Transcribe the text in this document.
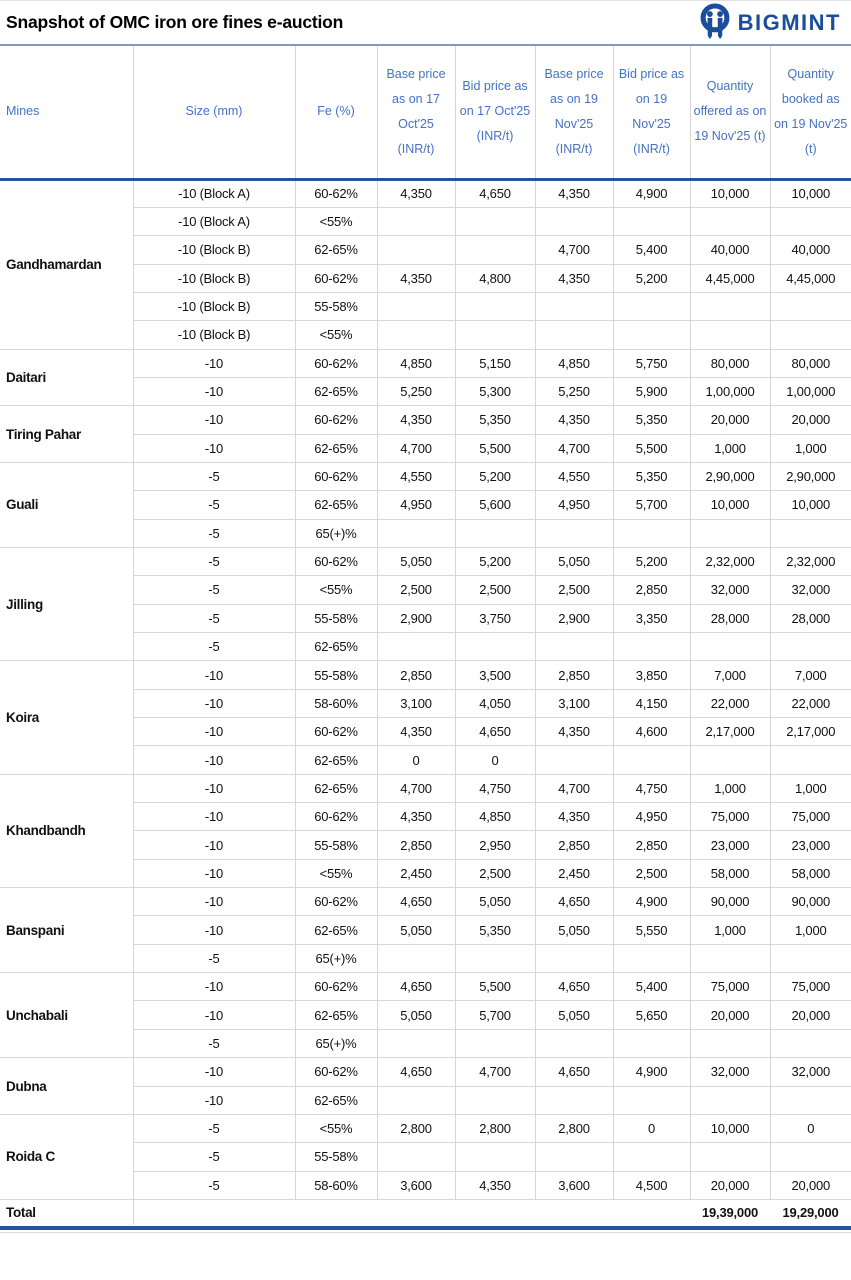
Snapshot of OMC iron ore fines e-auction	BIGMINT
Mines	Size (mm)	Fe (%)	Base price as on 17 Oct'25 (INR/t)	Bid price as on 17 Oct'25 (INR/t)	Base price as on 19 Nov'25 (INR/t)	Bid price as on 19 Nov'25 (INR/t)	Quantity offered as on 19 Nov'25 (t)	Quantity booked as on 19 Nov'25 (t)
Gandhamardan	-10 (Block A)	60-62%	4,350	4,650	4,350	4,900	10,000	10,000
	-10 (Block A)	<55%						
	-10 (Block B)	62-65%			4,700	5,400	40,000	40,000
	-10 (Block B)	60-62%	4,350	4,800	4,350	5,200	4,45,000	4,45,000
	-10 (Block B)	55-58%						
	-10 (Block B)	<55%						
Daitari	-10	60-62%	4,850	5,150	4,850	5,750	80,000	80,000
	-10	62-65%	5,250	5,300	5,250	5,900	1,00,000	1,00,000
Tiring Pahar	-10	60-62%	4,350	5,350	4,350	5,350	20,000	20,000
	-10	62-65%	4,700	5,500	4,700	5,500	1,000	1,000
Guali	-5	60-62%	4,550	5,200	4,550	5,350	2,90,000	2,90,000
	-5	62-65%	4,950	5,600	4,950	5,700	10,000	10,000
	-5	65(+)%						
Jilling	-5	60-62%	5,050	5,200	5,050	5,200	2,32,000	2,32,000
	-5	<55%	2,500	2,500	2,500	2,850	32,000	32,000
	-5	55-58%	2,900	3,750	2,900	3,350	28,000	28,000
	-5	62-65%						
Koira	-10	55-58%	2,850	3,500	2,850	3,850	7,000	7,000
	-10	58-60%	3,100	4,050	3,100	4,150	22,000	22,000
	-10	60-62%	4,350	4,650	4,350	4,600	2,17,000	2,17,000
	-10	62-65%	0	0				
Khandbandh	-10	62-65%	4,700	4,750	4,700	4,750	1,000	1,000
	-10	60-62%	4,350	4,850	4,350	4,950	75,000	75,000
	-10	55-58%	2,850	2,950	2,850	2,850	23,000	23,000
	-10	<55%	2,450	2,500	2,450	2,500	58,000	58,000
Banspani	-10	60-62%	4,650	5,050	4,650	4,900	90,000	90,000
	-10	62-65%	5,050	5,350	5,050	5,550	1,000	1,000
	-5	65(+)%						
Unchabali	-10	60-62%	4,650	5,500	4,650	5,400	75,000	75,000
	-10	62-65%	5,050	5,700	5,050	5,650	20,000	20,000
	-5	65(+)%						
Dubna	-10	60-62%	4,650	4,700	4,650	4,900	32,000	32,000
	-10	62-65%						
Roida C	-5	<55%	2,800	2,800	2,800	0	10,000	0
	-5	55-58%						
	-5	58-60%	3,600	4,350	3,600	4,500	20,000	20,000
Total							19,39,000	19,29,000
